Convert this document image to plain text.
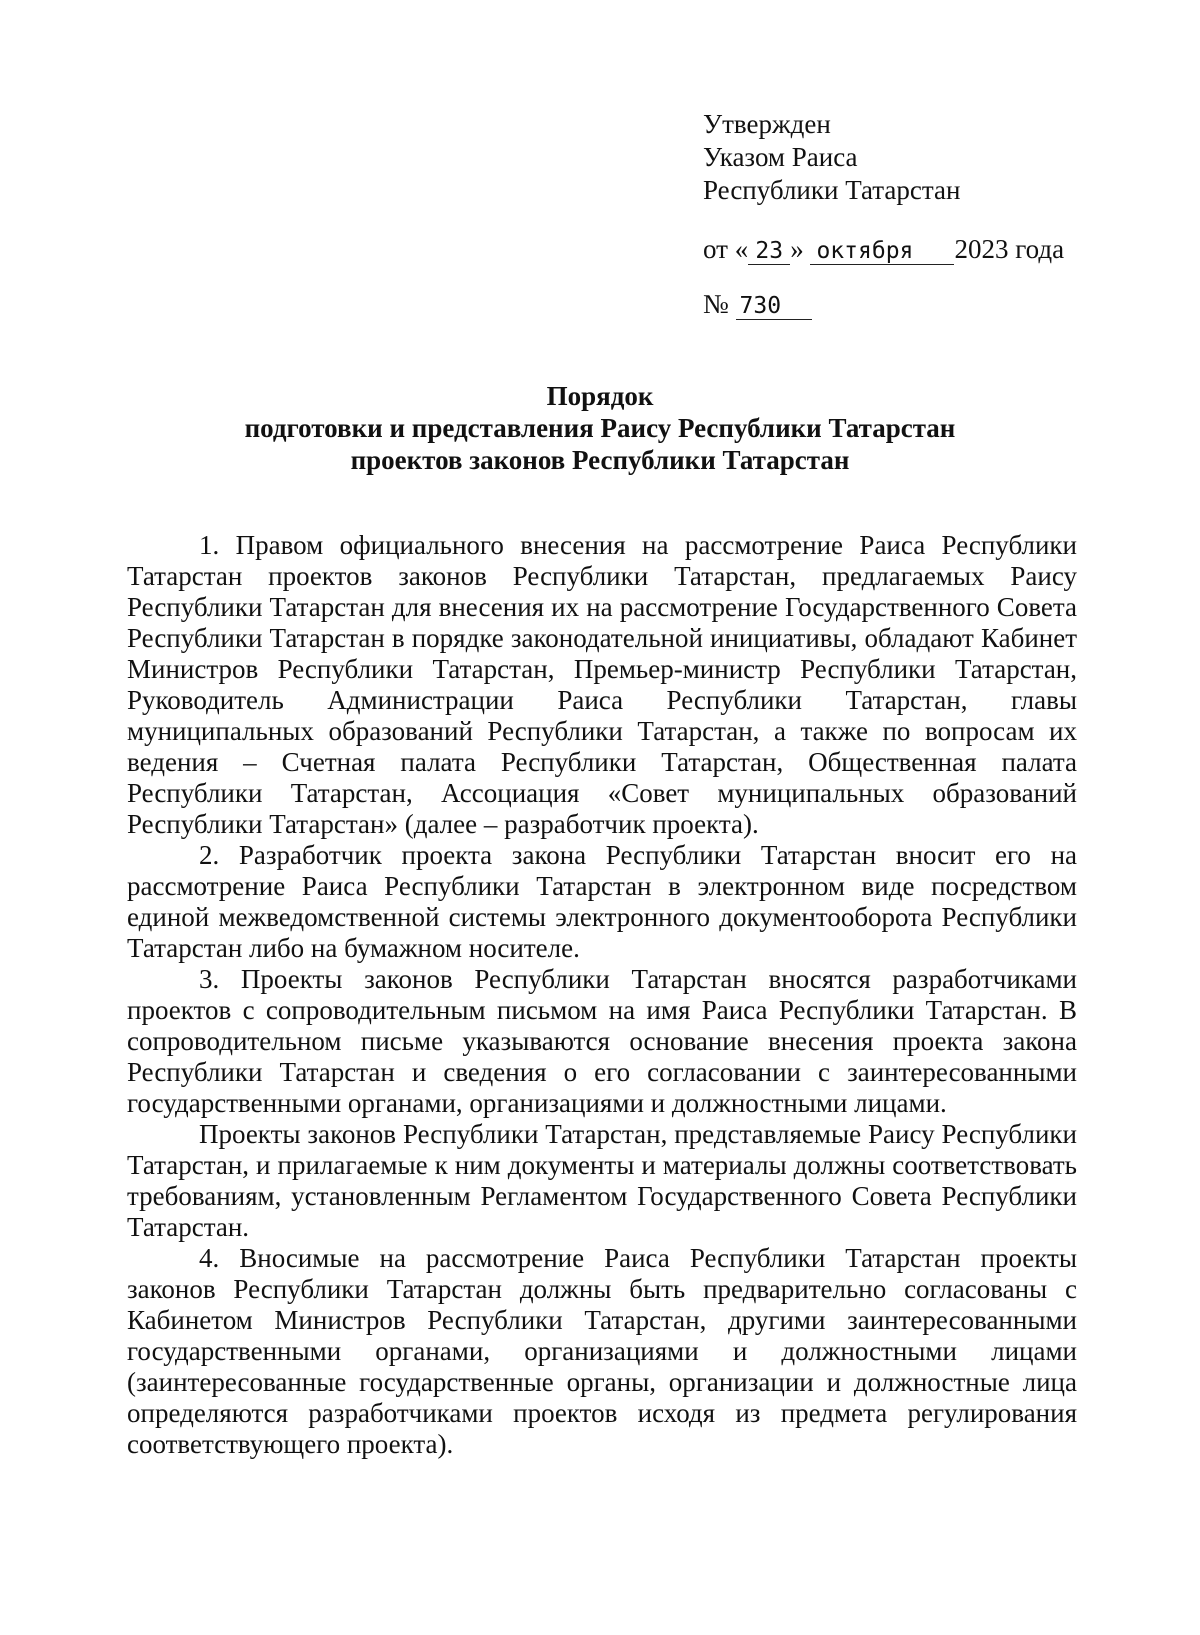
Утвержден
Указом Раиса
Республики Татарстан
от « 23 » октября 2023 года
№ 730
Порядок
подготовки и представления Раису Республики Татарстан
проектов законов Республики Татарстан

1. Правом официального внесения на рассмотрение Раиса Республики Татарстан проектов законов Республики Татарстан, предлагаемых Раису Республики Татарстан для внесения их на рассмотрение Государственного Совета Республики Татарстан в порядке законодательной инициативы, обладают Кабинет Министров Республики Татарстан, Премьер-министр Республики Татарстан, Руководитель Администрации Раиса Республики Татарстан, главы муниципальных образований Республики Татарстан, а также по вопросам их ведения – Счетная палата Республики Татарстан, Общественная палата Республики Татарстан, Ассоциация «Совет муниципальных образований Республики Татарстан» (далее – разработчик проекта).

2. Разработчик проекта закона Республики Татарстан вносит его на рассмотрение Раиса Республики Татарстан в электронном виде посредством единой межведомственной системы электронного документооборота Республики Татарстан либо на бумажном носителе.

3. Проекты законов Республики Татарстан вносятся разработчиками проектов с сопроводительным письмом на имя Раиса Республики Татарстан. В сопроводительном письме указываются основание внесения проекта закона Республики Татарстан и сведения о его согласовании с заинтересованными государственными органами, организациями и должностными лицами.

Проекты законов Республики Татарстан, представляемые Раису Республики Татарстан, и прилагаемые к ним документы и материалы должны соответствовать требованиям, установленным Регламентом Государственного Совета Республики Татарстан.

4. Вносимые на рассмотрение Раиса Республики Татарстан проекты законов Республики Татарстан должны быть предварительно согласованы с Кабинетом Министров Республики Татарстан, другими заинтересованными государственными органами, организациями и должностными лицами (заинтересованные государственные органы, организации и должностные лица определяются разработчиками проектов исходя из предмета регулирования соответствующего проекта).
